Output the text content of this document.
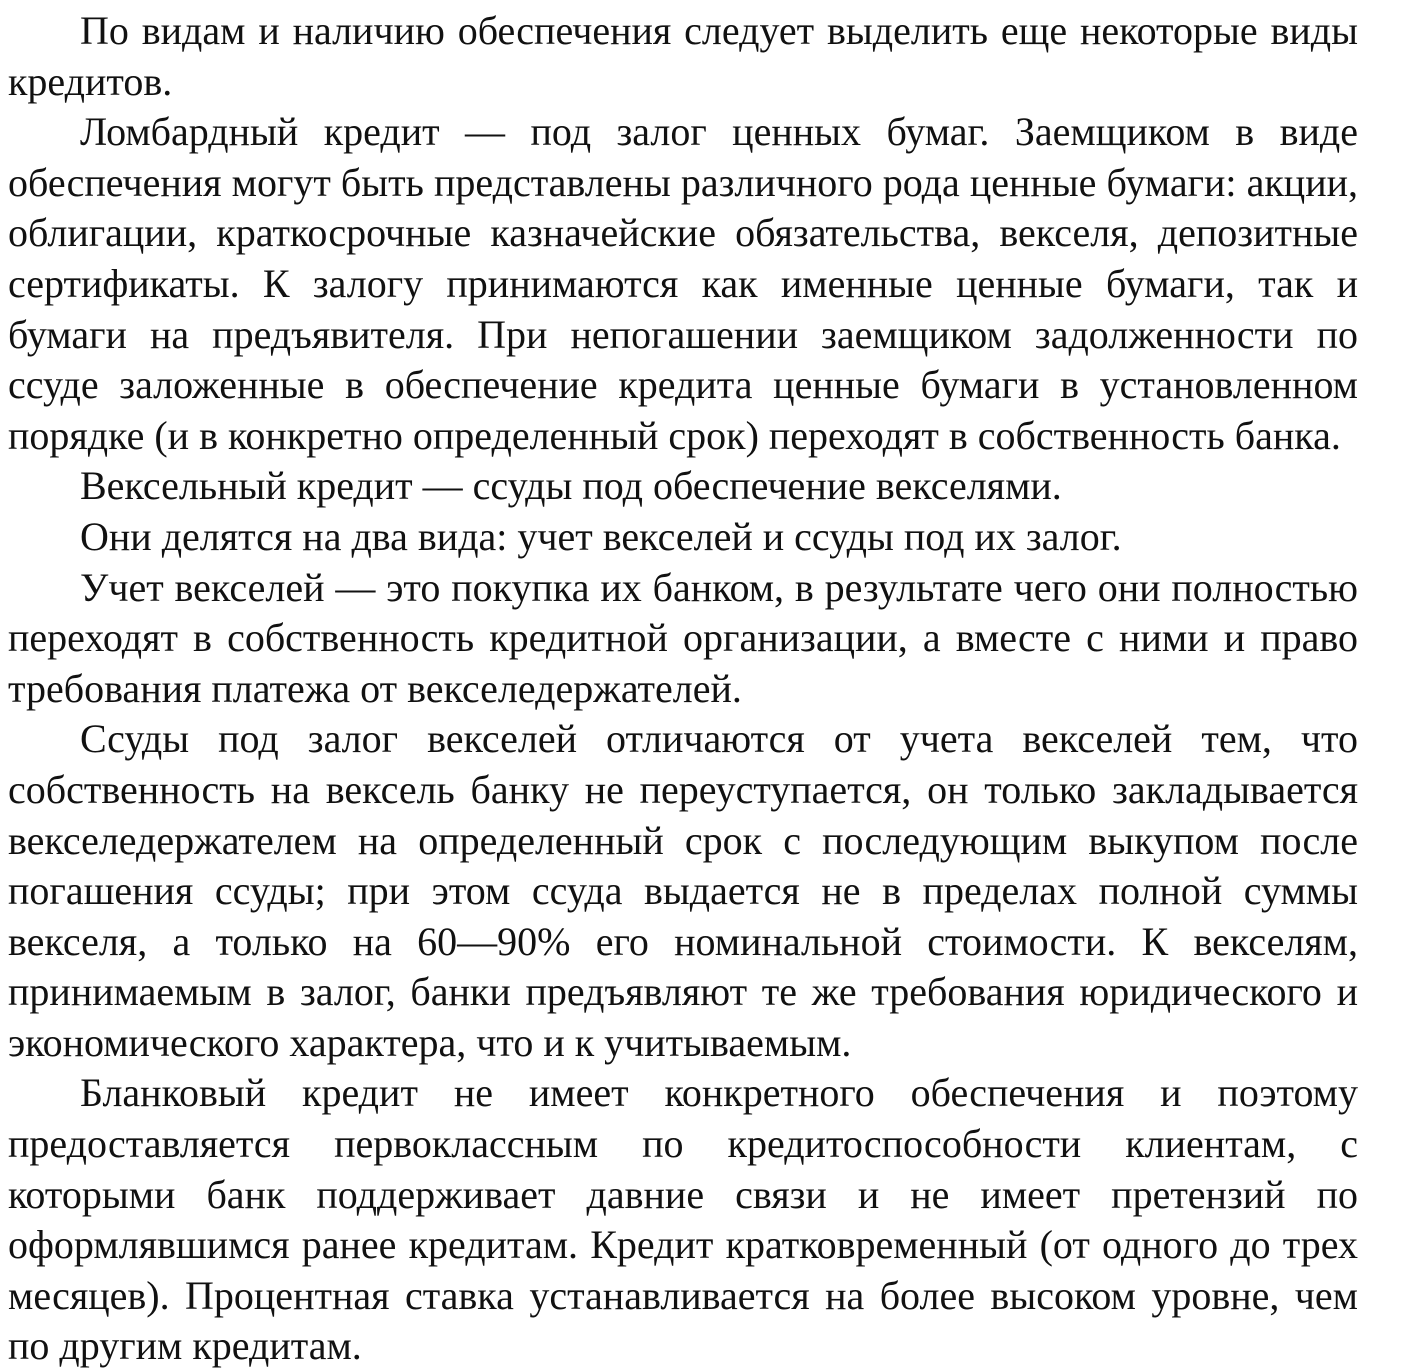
По видам и наличию обеспечения следует выделить еще некоторые виды кредитов.

Ломбардный кредит — под залог ценных бумаг. Заемщиком в виде обеспечения могут быть представлены различного рода ценные бумаги: акции, облигации, краткосрочные казначейские обязательства, векселя, депозитные сертификаты. К залогу принимаются как именные ценные бумаги, так и бумаги на предъявителя. При непогашении заемщиком задолженности по ссуде заложенные в обеспечение кредита ценные бумаги в установленном порядке (и в конкретно определенный срок) переходят в собственность банка.

Вексельный кредит — ссуды под обеспечение векселями.

Они делятся на два вида: учет векселей и ссуды под их залог.

Учет векселей — это покупка их банком, в результате чего они полностью переходят в собственность кредитной организации, а вместе с ними и право требования платежа от векселедержателей.

Ссуды под залог векселей отличаются от учета векселей тем, что собственность на вексель банку не переуступается, он только закладывается векселедержателем на определенный срок с последующим выкупом после погашения ссуды; при этом ссуда выдается не в пределах полной суммы векселя, а только на 60—90% его номинальной стоимости. К векселям, принимаемым в залог, банки предъявляют те же требования юридического и экономического характера, что и к учитываемым.

Бланковый кредит не имеет конкретного обеспечения и поэтому предоставляется первоклассным по кредитоспособности клиентам, с которыми банк поддерживает давние связи и не имеет претензий по оформлявшимся ранее кредитам. Кредит кратковременный (от одного до трех месяцев). Процентная ставка устанавливается на более высоком уровне, чем по другим кредитам.
